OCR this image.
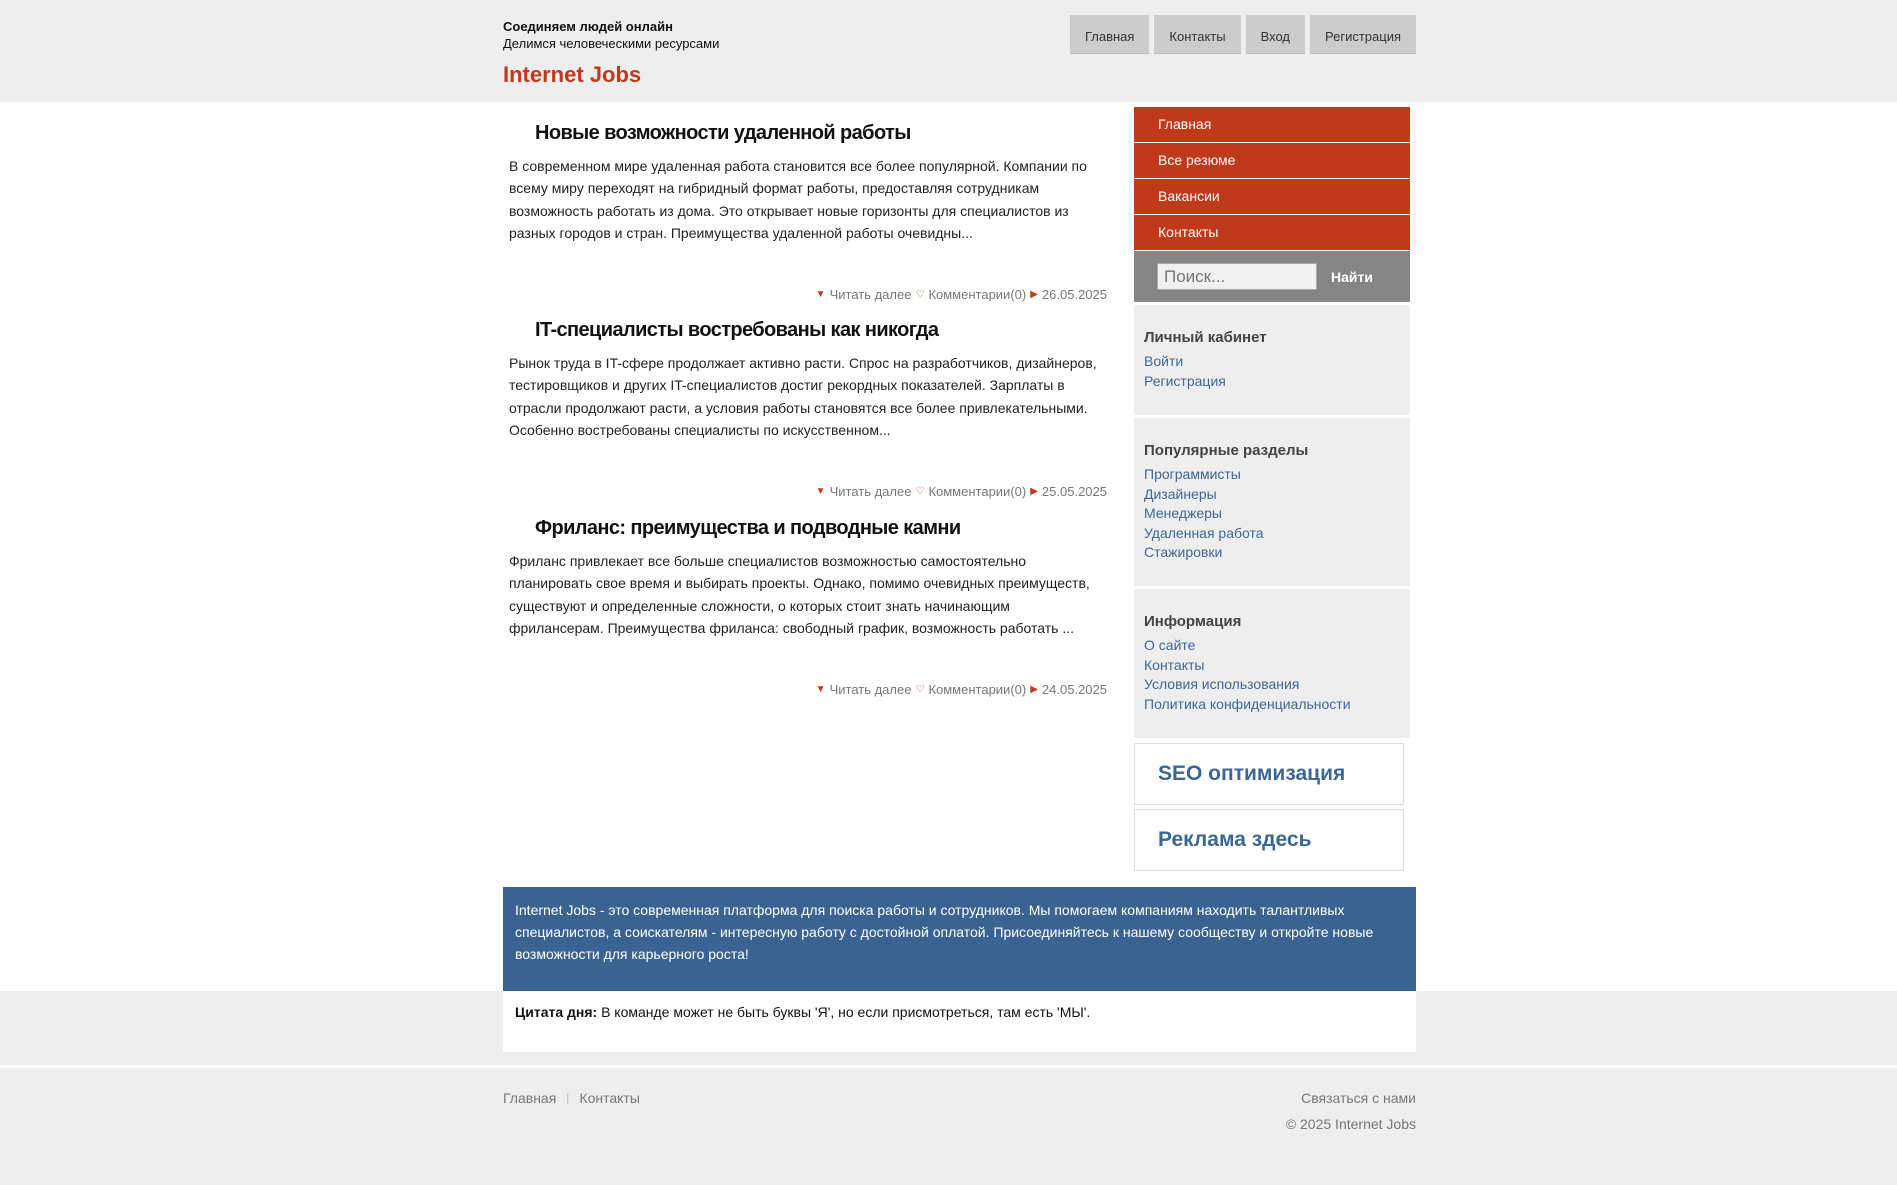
Соединяем людей онлайн
Делимся человеческими ресурсами
Internet Jobs
Главная	Контакты	Вход	Регистрация
Новые возможности удаленной работы
В современном мире удаленная работа становится все более популярной. Компании по всему миру переходят на гибридный формат работы, предоставляя сотрудникам возможность работать из дома. Это открывает новые горизонты для специалистов из разных городов и стран. Преимущества удаленной работы очевидны...
▼ Читать далее ♡ Комментарии(0) ▶ 26.05.2025
IT-специалисты востребованы как никогда
Рынок труда в IT-сфере продолжает активно расти. Спрос на разработчиков, дизайнеров, тестировщиков и других IT-специалистов достиг рекордных показателей. Зарплаты в отрасли продолжают расти, а условия работы становятся все более привлекательными. Особенно востребованы специалисты по искусственном...
▼ Читать далее ♡ Комментарии(0) ▶ 25.05.2025
Фриланс: преимущества и подводные камни
Фриланс привлекает все больше специалистов возможностью самостоятельно планировать свое время и выбирать проекты. Однако, помимо очевидных преимуществ, существуют и определенные сложности, о которых стоит знать начинающим фрилансерам. Преимущества фриланса: свободный график, возможность работать ...
▼ Читать далее ♡ Комментарии(0) ▶ 24.05.2025
Главная
Все резюме
Вакансии
Контакты
Поиск...
Найти
Личный кабинет
Войти
Регистрация
Популярные разделы
Программисты
Дизайнеры
Менеджеры
Удаленная работа
Стажировки
Информация
О сайте
Контакты
Условия использования
Политика конфиденциальности
SEO оптимизация
Реклама здесь
Internet Jobs - это современная платформа для поиска работы и сотрудников. Мы помогаем компаниям находить талантливых специалистов, а соискателям - интересную работу с достойной оплатой. Присоединяйтесь к нашему сообществу и откройте новые возможности для карьерного роста!
Цитата дня: В команде может не быть буквы 'Я', но если присмотреться, там есть 'МЫ'.
Главная | Контакты	Связаться с нами
© 2025 Internet Jobs
